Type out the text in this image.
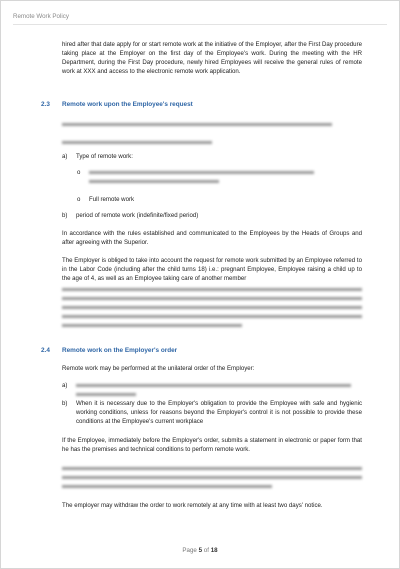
Remote Work Policy

hired after that date apply for or start remote work at the initiative of the Employer, after the First Day procedure taking place at the Employer on the first day of the Employee's work. During the meeting with the HR Department, during the First Day procedure, newly hired Employees will receive the general rules of remote work at XXX and access to the electronic remote work application.

2.3 Remote work upon the Employee's request
a)	Type of remote work:
o
o	Full remote work
b)	period of remote work (indefinite/fixed period)

In accordance with the rules established and communicated to the Employees by the Heads of Groups and after agreeing with the Superior.

The Employer is obliged to take into account the request for remote work submitted by an Employee referred to in the Labor Code (including after the child turns 18) i.e.: pregnant Employee, Employee raising a child up to the age of 4, as well as an Employee taking care of another member

2.4 Remote work on the Employer's order

Remote work may be performed at the unilateral order of the Employer:

a)
b)	When it is necessary due to the Employer's obligation to provide the Employee with safe and hygienic working conditions, unless for reasons beyond the Employer's control it is not possible to provide these conditions at the Employee's current workplace

If the Employee, immediately before the Employer's order, submits a statement in electronic or paper form that he has the premises and technical conditions to perform remote work.

The employer may withdraw the order to work remotely at any time with at least two days' notice.

Page 5 of 18
